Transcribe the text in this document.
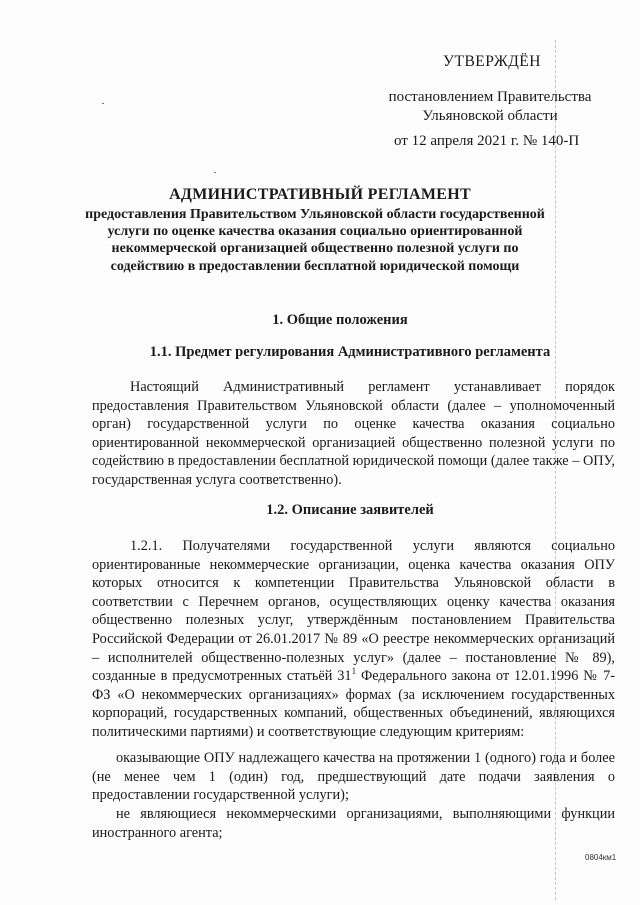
УТВЕРЖДЁН
постановлением Правительства
Ульяновской области
от 12 апреля 2021 г. № 140-П
АДМИНИСТРАТИВНЫЙ РЕГЛАМЕНТ
предоставления Правительством Ульяновской области государственной услуги по оценке качества оказания социально ориентированной некоммерческой организацией общественно полезной услуги по содействию в предоставлении бесплатной юридической помощи
1. Общие положения
1.1. Предмет регулирования Административного регламента
Настоящий Административный регламент устанавливает порядок предоставления Правительством Ульяновской области (далее – уполномоченный орган) государственной услуги по оценке качества оказания социально ориентированной некоммерческой организацией общественно полезной услуги по содействию в предоставлении бесплатной юридической помощи (далее также – ОПУ, государственная услуга соответственно).
1.2. Описание заявителей
1.2.1. Получателями государственной услуги являются социально ориентированные некоммерческие организации, оценка качества оказания ОПУ которых относится к компетенции Правительства Ульяновской области в соответствии с Перечнем органов, осуществляющих оценку качества оказания общественно полезных услуг, утверждённым постановлением Правительства Российской Федерации от 26.01.2017 № 89 «О реестре некоммерческих организаций – исполнителей общественно-полезных услуг» (далее – постановление № 89), созданные в предусмотренных статьёй $31^1$ Федерального закона от 12.01.1996 № 7-ФЗ «О некоммерческих организациях» формах (за исключением государственных корпораций, государственных компаний, общественных объединений, являющихся политическими партиями) и соответствующие следующим критериям:
оказывающие ОПУ надлежащего качества на протяжении 1 (одного) года и более (не менее чем 1 (один) год, предшествующий дате подачи заявления о предоставлении государственной услуги);
не являющиеся некоммерческими организациями, выполняющими функции иностранного агента;
0804км1
